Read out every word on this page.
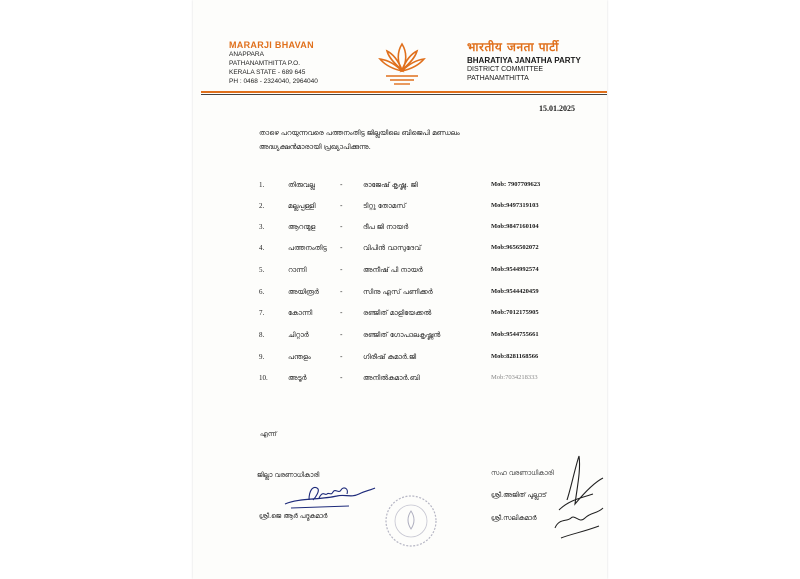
MARARJI BHAVAN
ANAPPARA
PATHANAMTHITTA P.O.
KERALA STATE - 689 645
PH : 0468 - 2324040, 2964040
भारतीय जनता पार्टी
BHARATIYA JANATHA PARTY
DISTRICT COMMITTEE
PATHANAMTHITTA
15.01.2025
താഴെ പറയുന്നവരെ പത്തനംതിട്ട ജില്ലയിലെ ബിജെപി മണ്ഡലം അദ്ധ്യക്ഷൻമാരായി പ്രഖ്യാപിക്കുന്നു.
1.	തിരുവല്ല	-	രാജേഷ് കൃഷ്ണ. ജി	Mob: 7907709623
2.	മല്ലപ്പള്ളി	-	ടിറ്റു തോമസ്	Mob:9497319103
3.	ആറന്മുള	-	ദീപ ജി നായർ	Mob:9847160104
4.	പത്തനംതിട്ട -	വിപിൻ വാസുദേവ്	Mob:9656502072
5.	റാന്നി	-	അനീഷ് പി നായർ	Mob:9544992574
6.	അയിരൂർ	-	സിനു എസ് പണിക്കർ	Mob:9544420459
7.	കോന്നി	-	രഞ്ജിത് മാളിയേക്കൽ	Mob:7012175905
8.	ചിറ്റാർ	-	രഞ്ജിത് ഗോപാലകൃഷ്ണൻ	Mob:9544755661
9.	പന്തളം	-	ഗിരീഷ് കുമാർ.ജി	Mob:8281168566
10.	അടൂർ	-	അനിൽകുമാർ.ബി	Mob:7034218333
എന്ന്
ജില്ലാ വരണാധികാരി
ശ്രീ.ജെ ആർ പദ്മകുമാർ
സഹ വരണാധികാരി
ശ്രീ.അജിത് പുല്ലാട്
ശ്രീ.സലികുമാർ
